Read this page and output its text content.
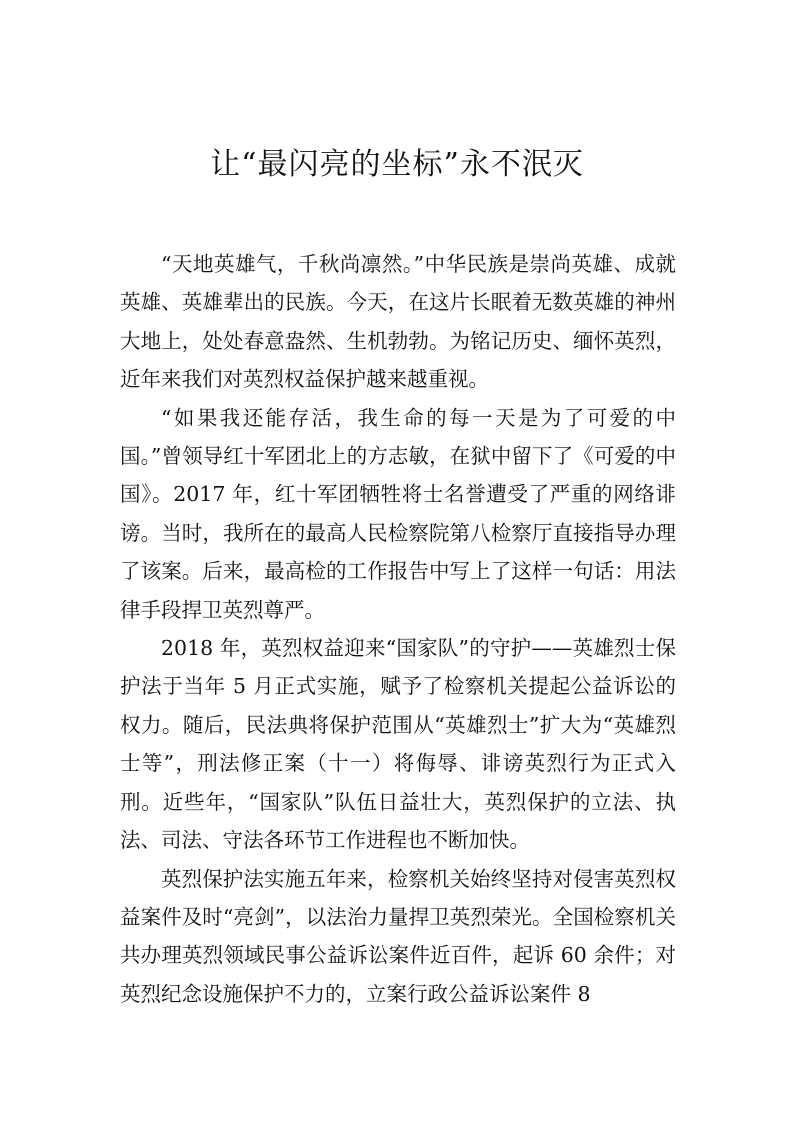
让“最闪亮的坐标”永不泯灭

“天地英雄气，千秋尚凛然。”中华民族是崇尚英雄、成就英雄、英雄辈出的民族。今天，在这片长眠着无数英雄的神州大地上，处处春意盎然、生机勃勃。为铭记历史、缅怀英烈，近年来我们对英烈权益保护越来越重视。

“如果我还能存活，我生命的每一天是为了可爱的中国。”曾领导红十军团北上的方志敏，在狱中留下了《可爱的中国》。2017 年，红十军团牺牲将士名誉遭受了严重的网络诽谤。当时，我所在的最高人民检察院第八检察厅直接指导办理了该案。后来，最高检的工作报告中写上了这样一句话：用法律手段捍卫英烈尊严。

2018 年，英烈权益迎来“国家队”的守护——英雄烈士保护法于当年 5 月正式实施，赋予了检察机关提起公益诉讼的权力。随后，民法典将保护范围从“英雄烈士”扩大为“英雄烈士等”，刑法修正案（十一）将侮辱、诽谤英烈行为正式入刑。近些年，“国家队”队伍日益壮大，英烈保护的立法、执法、司法、守法各环节工作进程也不断加快。

英烈保护法实施五年来，检察机关始终坚持对侵害英烈权益案件及时“亮剑”，以法治力量捍卫英烈荣光。全国检察机关共办理英烈领域民事公益诉讼案件近百件，起诉 60 余件；对英烈纪念设施保护不力的，立案行政公益诉讼案件 8
